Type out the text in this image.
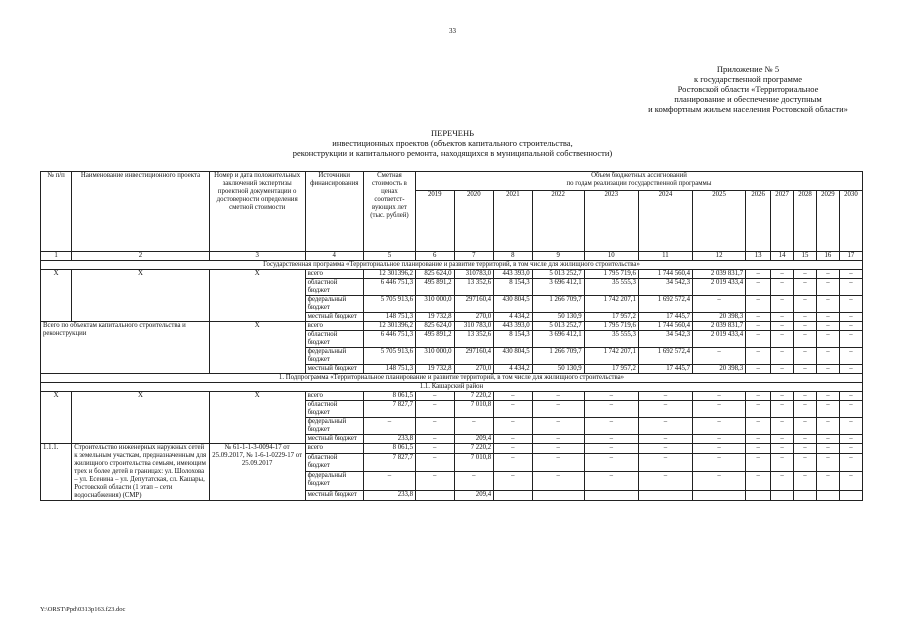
33
Приложение № 5
к государственной программе
Ростовской области «Территориальное
планирование и обеспечение доступным
и комфортным жильем населения Ростовской области»
ПЕРЕЧЕНЬ
инвестиционных проектов (объектов капитального строительства,
реконструкции и капитального ремонта, находящихся в муниципальной собственности)
№ п/п	Наименование инвестиционного проекта	Номер и дата положительных заключений экспертизы проектной документации о достоверности определения сметной стоимости	Источники финансирования	Сметная стоимость в ценах соответствующих лет (тыс. рублей)	Объем бюджетных ассигнований
по годам реализации государственной программы											

					2019	2020	2021	2022	2023	2024	2025	2026	2027	2028	2029	2030
1	2	3	4	5	6	7	8	9	10	11	12	13	14	15	16	17
Государственная программа «Территориальное планирование и развитие территорий, в том числе для жилищного строительства»																
X	X	X	всего	12 301396,2	825 624,0	310783,0	443 393,0	5 013 252,7	1 795 719,6	1 744 560,4	2 039 831,7	–	–	–	–	–
			областной бюджет	6 446 751,3	495 891,2	13 352,6	8 154,3	3 696 412,1	35 555,3	34 542,3	2 019 433,4	–	–	–	–	–
			федеральный бюджет	5 705 913,6	310 000,0	297160,4	430 804,5	1 266 709,7	1 742 207,1	1 692 572,4	–	–	–	–	–	–
			местный бюджет	148 751,3	19 732,8	270,0	4 434,2	50 130,9	17 957,2	17 445,7	20 398,3	–	–	–	–	–
Всего по объектам капитального строительства и реконструкции		X	всего	12 301396,2	825 624,0	310 783,0	443 393,0	5 013 252,7	1 795 719,6	1 744 560,4	2 039 831,7	–	–	–	–	–
			областной бюджет	6 446 751,3	495 891,2	13 352,6	8 154,3	3 696 412,1	35 555,3	34 542,3	2 019 433,4	–	–	–	–	–
			федеральный бюджет	5 705 913,6	310 000,0	297160,4	430 804,5	1 266 709,7	1 742 207,1	1 692 572,4	–	–	–	–	–	–
			местный бюджет	148 751,3	19 732,8	270,0	4 434,2	50 130,9	17 957,2	17 445,7	20 398,3	–	–	–	–	–
1. Подпрограмма «Территориальное планирование и развитие территорий, в том числе для жилищного строительства»																
1.1. Кашарский район																
X	X	X	всего	8 061,5	–	7 220,2	–	–	–	–	–	–	–	–	–	–
			областной бюджет	7 827,7	–	7 010,8	–	–	–	–	–	–	–	–	–	–
			федеральный бюджет	–	–	–	–	–	–	–	–	–	–	–	–	–
			местный бюджет	233,8	–	209,4	–	–	–	–	–	–	–	–	–	–
1.1.1.	Строительство инженерных наружных сетей к земельным участкам, предназначенным для жилищного строительства семьям, имеющим трех и более детей в границах: ул. Шолохова – ул. Есенина – ул. Депутатская, сл. Кашары, Ростовской области (1 этап – сети водоснабжения) (СМР)	№ 61-1-1-3-0094-17 от 25.09.2017, № 1-6-1-0229-17 от 25.09.2017	всего	8 061,5	–	7 220,2	–	–	–	–	–	–	–	–	–	–
			областной бюджет	7 827,7	–	7 010,8	–	–	–	–	–	–	–	–	–	–
			федеральный бюджет	–	–	–	–	–	–	–	–	–	–	–	–	–
			местный бюджет	233,8		209,4										
Y:\ORST\Ppd\0313p163.f23.doc
